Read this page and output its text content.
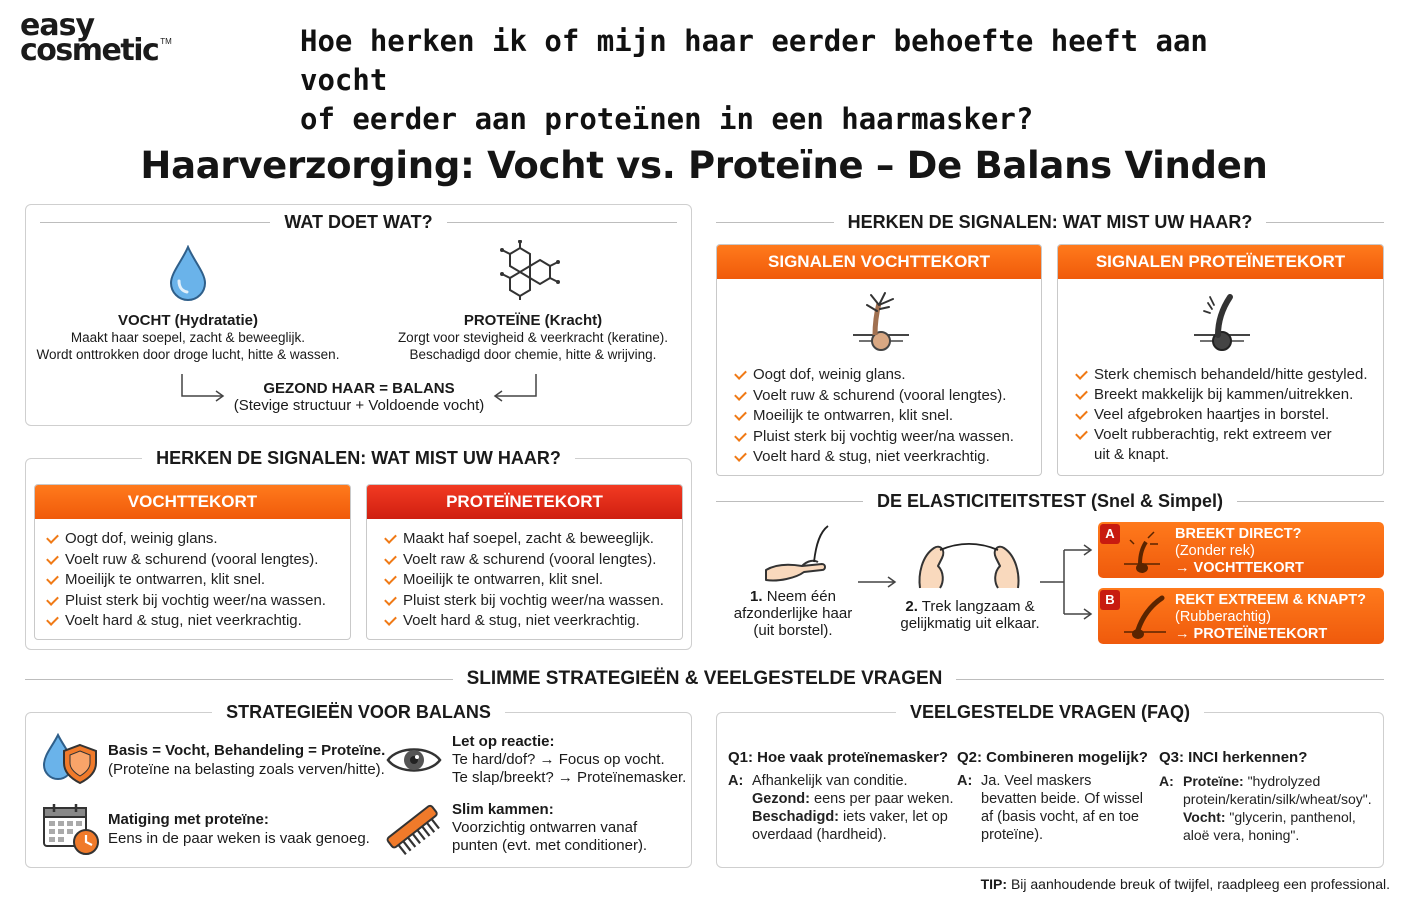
easy
cosmetic ™	Hoe herken ik of mijn haar eerder behoefte heeft aan vocht
of eerder aan proteïnen in een haarmasker?
Haarverzorging: Vocht vs. Proteïne – De Balans Vinden
WAT DOET WAT?
VOCHT (Hydratatie)
Maakt haar soepel, zacht & beweeglijk.
Wordt onttrokken door droge lucht, hitte & wassen.
PROTEÏNE (Kracht)
Zorgt voor stevigheid & veerkracht (keratine).
Beschadigd door chemie, hitte & wrijving.
GEZOND HAAR = BALANS
(Stevige structuur + Voldoende vocht)
HERKEN DE SIGNALEN: WAT MIST UW HAAR?
VOCHTTEKORT
Oogt dof, weinig glans.
Voelt ruw & schurend (vooral lengtes).
Moeilijk te ontwarren, klit snel.
Pluist sterk bij vochtig weer/na wassen.
Voelt hard & stug, niet veerkrachtig.
PROTEÏNETEKORT
Maakt haf soepel, zacht & beweeglijk.
Voelt raw & schurend (vooral lengtes).
Moeilijk te ontwarren, klit snel.
Pluist sterk bij vochtig weer/na wassen.
Voelt hard & stug, niet veerkrachtig.
HERKEN DE SIGNALEN: WAT MIST UW HAAR?
SIGNALEN VOCHTTEKORT
Oogt dof, weinig glans.
Voelt ruw & schurend (vooral lengtes).
Moeilijk te ontwarren, klit snel.
Pluist sterk bij vochtig weer/na wassen.
Voelt hard & stug, niet veerkrachtig.
SIGNALEN PROTEÏNETEKORT
Sterk chemisch behandeld/hitte gestyled.
Breekt makkelijk bij kammen/uitrekken.
Veel afgebroken haartjes in borstel.
Voelt rubberachtig, rekt extreem ver uit & knapt.
DE ELASTICITEITSTEST (Snel & Simpel)
1. Neem één
afzonderlijke haar
(uit borstel).
2. Trek langzaam &
gelijkmatig uit elkaar.
A	BREEKT DIRECT?
(Zonder rek)
→ VOCHTTEKORT
B	REKT EXTREEM & KNAPT?
(Rubberachtig)
→ PROTEÏNETEKORT
SLIMME STRATEGIEËN & VEELGESTELDE VRAGEN
STRATEGIEËN VOOR BALANS
Basis = Vocht, Behandeling = Proteïne.
(Proteïne na belasting zoals verven/hitte).
Let op reactie:
Te hard/dof? → Focus op vocht.
Te slap/breekt? → Proteïnemasker.
Matiging met proteïne:
Eens in de paar weken is vaak genoeg.
Slim kammen:
Voorzichtig ontwarren vanaf
punten (evt. met conditioner).
VEELGESTELDE VRAGEN (FAQ)
Q1: Hoe vaak proteïnemasker?
A: Afhankelijk van conditie.
Gezond: eens per paar weken.
Beschadigd: iets vaker, let op
overdaad (hardheid).
Q2: Combineren mogelijk?
A: Ja. Veel maskers
bevatten beide. Of wissel
af (basis vocht, af en toe
proteïne).
Q3: INCI herkennen?
A: Proteïne: "hydrolyzed
protein/keratin/silk/wheat/soy".
Vocht: "glycerin, panthenol,
aloë vera, honing".
TIP: Bij aanhoudende breuk of twijfel, raadpleeg een professional.
